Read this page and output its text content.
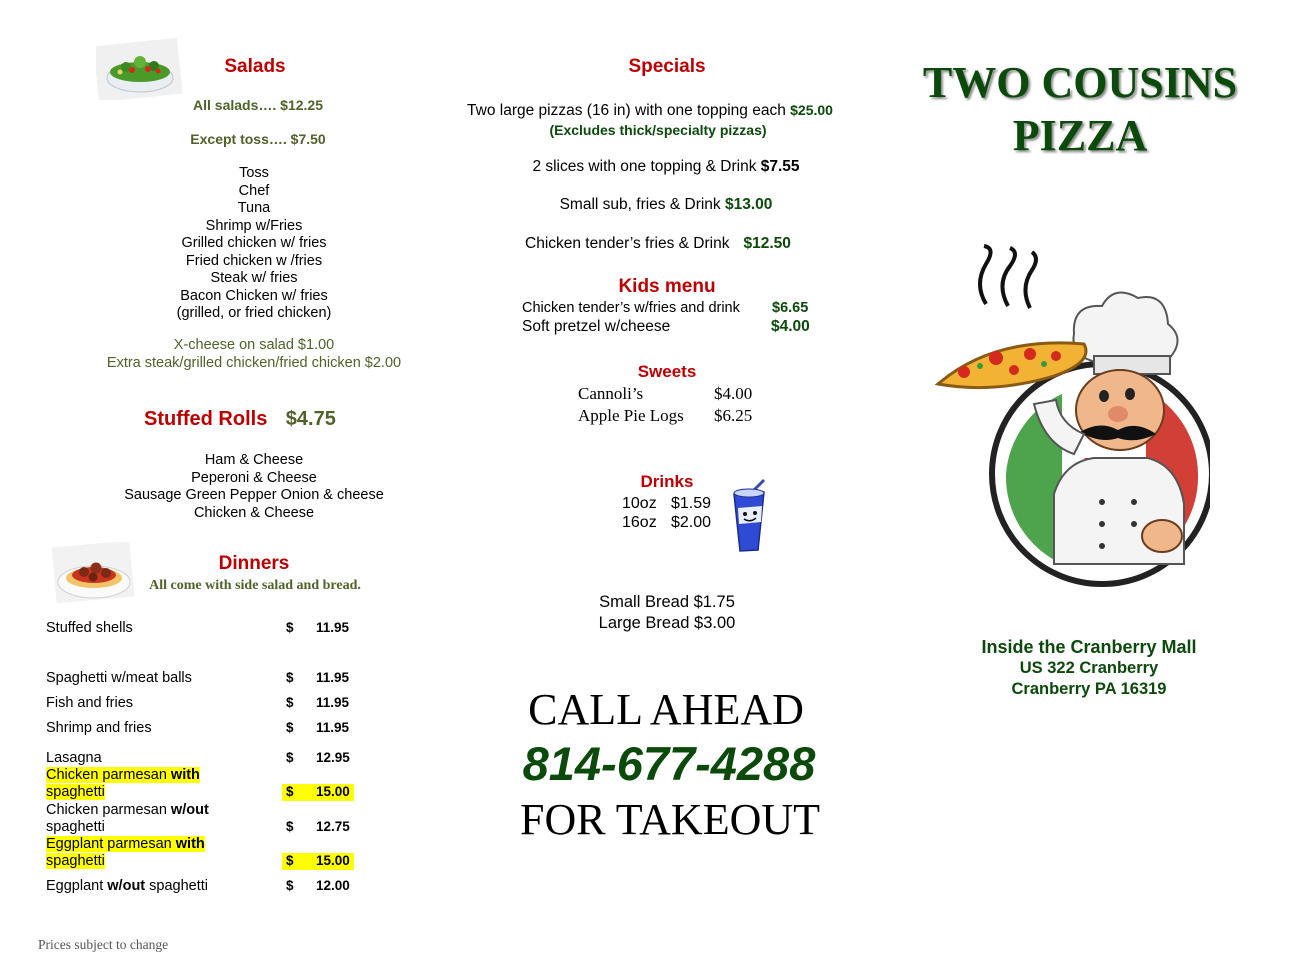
Salads
All salads…. $12.25
Except toss…. $7.50
Toss
Chef
Tuna
Shrimp w/Fries
Grilled chicken w/ fries
Fried chicken w /fries
Steak w/ fries
Bacon Chicken w/ fries
(grilled, or fried chicken)
X-cheese on salad $1.00
Extra steak/grilled chicken/fried chicken $2.00
Stuffed Rolls $4.75
Ham & Cheese
Peperoni & Cheese
Sausage Green Pepper Onion & cheese
Chicken & Cheese
Dinners
All come with side salad and bread.
Stuffed shells	$ 11.95
Spaghetti w/meat balls	$ 11.95
Fish and fries	$ 11.95
Shrimp and fries	$ 11.95
Lasagna	$ 12.95
Chicken parmesan with
spaghetti	$ 15.00
Chicken parmesan w/out
spaghetti	$ 12.75
Eggplant parmesan with
spaghetti	$ 15.00
Eggplant w/out spaghetti	$ 12.00
Prices subject to change
Specials
Two large pizzas (16 in) with one topping each $25.00
(Excludes thick/specialty pizzas)
2 slices with one topping & Drink $7.55
Small sub, fries & Drink $13.00
Chicken tender’s fries & Drink $12.50
Kids menu
Chicken tender’s w/fries and drink $6.65
Soft pretzel w/cheese	$4.00
Sweets
Cannoli’s	$4.00
Apple Pie Logs $6.25
Drinks
10oz $1.59
16oz $2.00
Small Bread $1.75
Large Bread $3.00
CALL AHEAD
814-677-4288
FOR TAKEOUT
TWO COUSINS
PIZZA
Inside the Cranberry Mall
US 322 Cranberry
Cranberry PA 16319
